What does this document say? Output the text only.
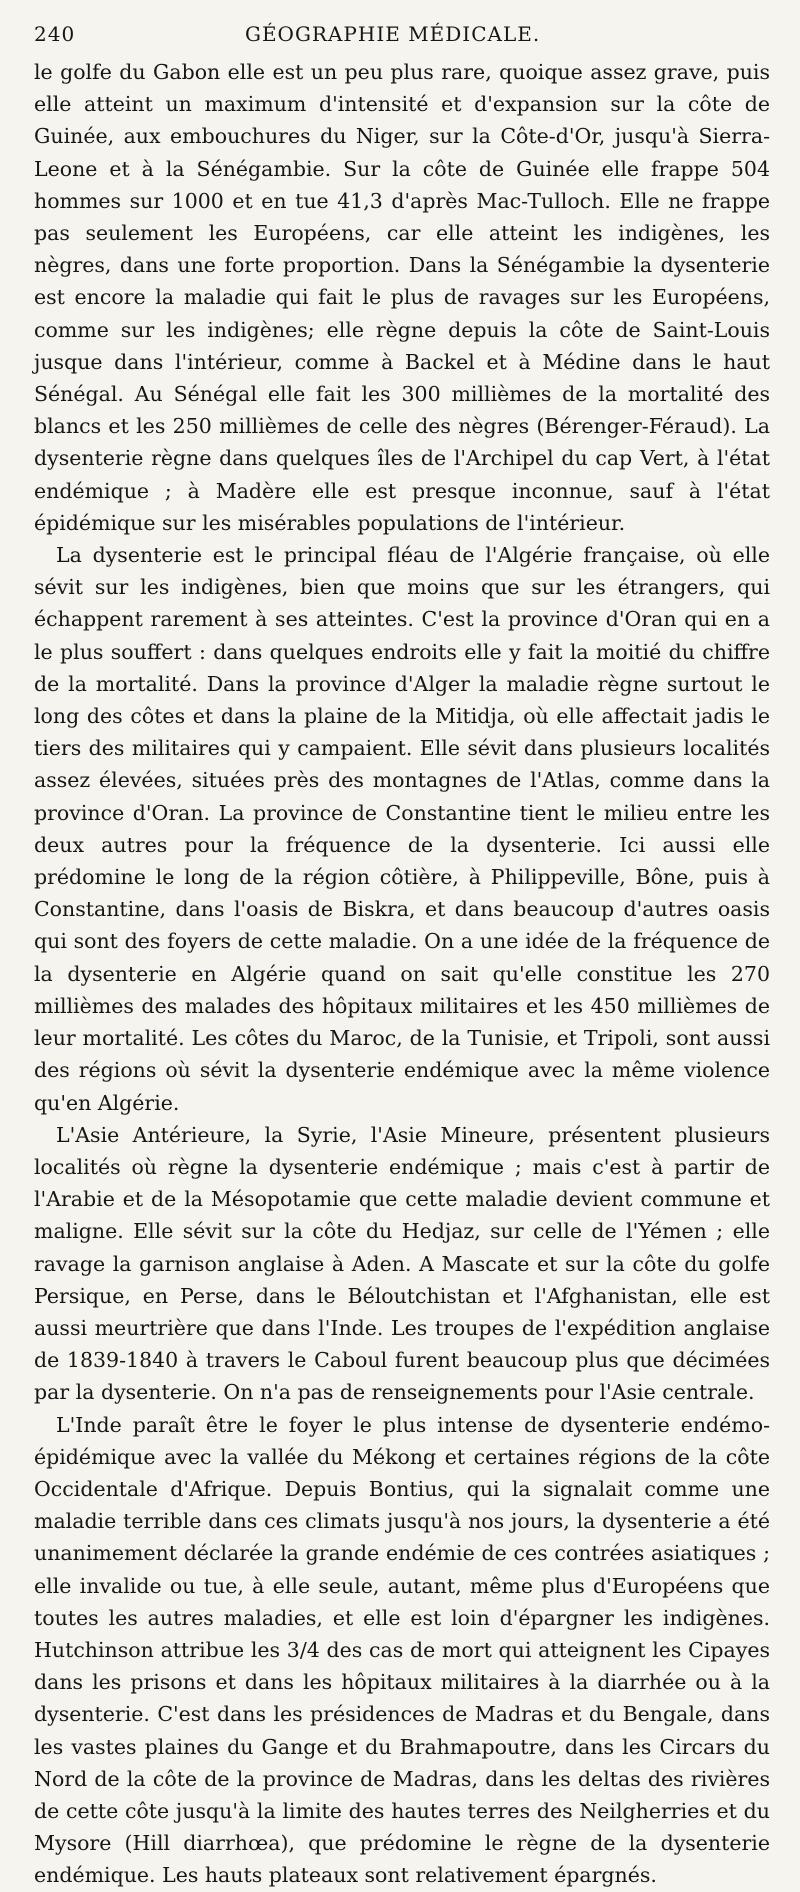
240	GÉOGRAPHIE MÉDICALE.

le golfe du Gabon elle est un peu plus rare, quoique assez grave, puis elle atteint un maximum d'intensité et d'expansion sur la côte de Guinée, aux embouchures du Niger, sur la Côte-d'Or, jusqu'à Sierra-Leone et à la Sénégambie. Sur la côte de Guinée elle frappe 504 hommes sur 1000 et en tue 41,3 d'après Mac-Tulloch. Elle ne frappe pas seulement les Européens, car elle atteint les indigènes, les nègres, dans une forte proportion. Dans la Sénégambie la dysenterie est encore la maladie qui fait le plus de ravages sur les Européens, comme sur les indigènes; elle règne depuis la côte de Saint-Louis jusque dans l'intérieur, comme à Backel et à Médine dans le haut Sénégal. Au Sénégal elle fait les 300 millièmes de la mortalité des blancs et les 250 millièmes de celle des nègres (Bérenger-Féraud). La dysenterie règne dans quelques îles de l'Archipel du cap Vert, à l'état endémique ; à Madère elle est presque inconnue, sauf à l'état épidémique sur les misérables populations de l'intérieur.

La dysenterie est le principal fléau de l'Algérie française, où elle sévit sur les indigènes, bien que moins que sur les étrangers, qui échappent rarement à ses atteintes. C'est la province d'Oran qui en a le plus souffert : dans quelques endroits elle y fait la moitié du chiffre de la mortalité. Dans la province d'Alger la maladie règne surtout le long des côtes et dans la plaine de la Mitidja, où elle affectait jadis le tiers des militaires qui y campaient. Elle sévit dans plusieurs localités assez élevées, situées près des montagnes de l'Atlas, comme dans la province d'Oran. La province de Constantine tient le milieu entre les deux autres pour la fréquence de la dysenterie. Ici aussi elle prédomine le long de la région côtière, à Philippeville, Bône, puis à Constantine, dans l'oasis de Biskra, et dans beaucoup d'autres oasis qui sont des foyers de cette maladie. On a une idée de la fréquence de la dysenterie en Algérie quand on sait qu'elle constitue les 270 millièmes des malades des hôpitaux militaires et les 450 millièmes de leur mortalité. Les côtes du Maroc, de la Tunisie, et Tripoli, sont aussi des régions où sévit la dysenterie endémique avec la même violence qu'en Algérie.

L'Asie Antérieure, la Syrie, l'Asie Mineure, présentent plusieurs localités où règne la dysenterie endémique ; mais c'est à partir de l'Arabie et de la Mésopotamie que cette maladie devient commune et maligne. Elle sévit sur la côte du Hedjaz, sur celle de l'Yémen ; elle ravage la garnison anglaise à Aden. A Mascate et sur la côte du golfe Persique, en Perse, dans le Béloutchistan et l'Afghanistan, elle est aussi meurtrière que dans l'Inde. Les troupes de l'expédition anglaise de 1839-1840 à travers le Caboul furent beaucoup plus que décimées par la dysenterie. On n'a pas de renseignements pour l'Asie centrale.

L'Inde paraît être le foyer le plus intense de dysenterie endémo-épidémique avec la vallée du Mékong et certaines régions de la côte Occidentale d'Afrique. Depuis Bontius, qui la signalait comme une maladie terrible dans ces climats jusqu'à nos jours, la dysenterie a été unanimement déclarée la grande endémie de ces contrées asiatiques ; elle invalide ou tue, à elle seule, autant, même plus d'Européens que toutes les autres maladies, et elle est loin d'épargner les indigènes. Hutchinson attribue les 3/4 des cas de mort qui atteignent les Cipayes dans les prisons et dans les hôpitaux militaires à la diarrhée ou à la dysenterie. C'est dans les présidences de Madras et du Bengale, dans les vastes plaines du Gange et du Brahmapoutre, dans les Circars du Nord de la côte de la province de Madras, dans les deltas des rivières de cette côte jusqu'à la limite des hautes terres des Neilgherries et du Mysore (Hill diarrhœa), que prédomine le règne de la dysenterie endémique. Les hauts plateaux sont relativement épargnés.
